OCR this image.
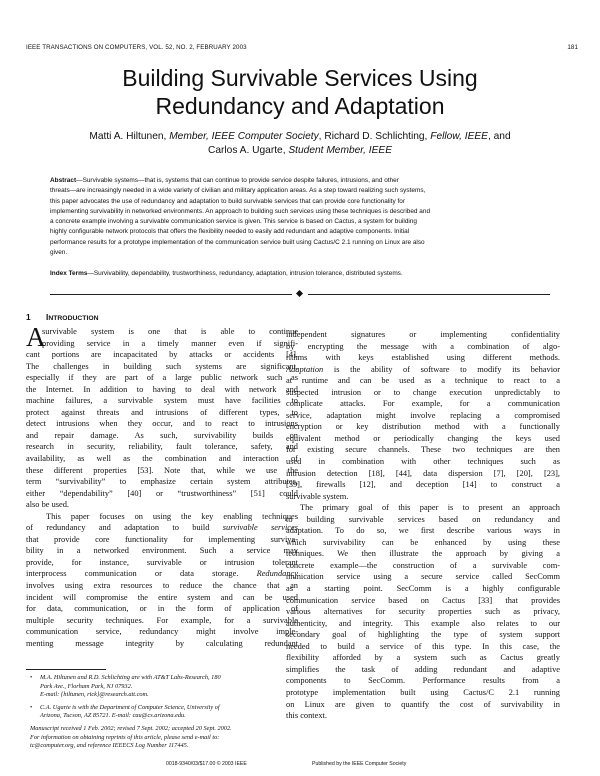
IEEE TRANSACTIONS ON COMPUTERS, VOL. 52, NO. 2, FEBRUARY 2003	181
Building Survivable Services Using
Redundancy and Adaptation
Matti A. Hiltunen, Member, IEEE Computer Society, Richard D. Schlichting, Fellow, IEEE, and
Carlos A. Ugarte, Student Member, IEEE
Abstract—Survivable systems—that is, systems that can continue to provide service despite failures, intrusions, and other
threats—are increasingly needed in a wide variety of civilian and military application areas. As a step toward realizing such systems,
this paper advocates the use of redundancy and adaptation to build survivable services that can provide core functionality for
implementing survivability in networked environments. An approach to building such services using these techniques is described and
a concrete example involving a survivable communication service is given. This service is based on Cactus, a system for building
highly configurable network protocols that offers the flexibility needed to easily add redundant and adaptive components. Initial
performance results for a prototype implementation of the communication service built using Cactus/C 2.1 running on Linux are also
given.
Index Terms—Survivability, dependability, trustworthiness, redundancy, adaptation, intrusion tolerance, distributed systems.
1 INTRODUCTION
A
survivable system is one that is able to continue
providing service in a timely manner even if signifi-
cant portions are incapacitated by attacks or accidents [4].
The challenges in building such systems are significant,
especially if they are part of a large public network such as
the Internet. In addition to having to deal with network and
machine failures, a survivable system must have facilities to
protect against threats and intrusions of different types, to
detect intrusions when they occur, and to react to intrusions
and repair damage. As such, survivability builds on
research in security, reliability, fault tolerance, safety, and
availability, as well as the combination and interaction of
these different properties [53]. Note that, while we use the
term “survivability” to emphasize certain system attributes,
either “dependability” [40] or “trustworthiness” [51] could
also be used.
This paper focuses on using the key enabling techniques
of redundancy and adaptation to build survivable services
that provide core functionality for implementing surviva-
bility in a networked environment. Such a service may
provide, for instance, survivable or intrusion tolerant
interprocess communication or data storage. Redundancy
involves using extra resources to reduce the chance that an
incident will compromise the entire system and can be used
for data, communication, or in the form of application of
multiple security techniques. For example, for a survivable
communication service, redundancy might involve imple-
menting message integrity by calculating redundant
independent signatures or implementing confidentiality
by encrypting the message with a combination of algo-
rithms with keys established using different methods.
Adaptation is the ability of software to modify its behavior
at runtime and can be used as a technique to react to a
suspected intrusion or to change execution unpredictably to
complicate attacks. For example, for a communication
service, adaptation might involve replacing a compromised
encryption or key distribution method with a functionally
equivalent method or periodically changing the keys used
for existing secure channels. These two techniques are then
used in combination with other techniques such as
intrusion detection [18], [44], data dispersion [7], [20], [23],
[39], firewalls [12], and deception [14] to construct a
survivable system.
The primary goal of this paper is to present an approach
to building survivable services based on redundancy and
adaptation. To do so, we first describe various ways in
which survivability can be enhanced by using these
techniques. We then illustrate the approach by giving a
concrete example—the construction of a survivable com-
munication service using a secure service called SecComm
as a starting point. SecComm is a highly configurable
communication service based on Cactus [33] that provides
various alternatives for security properties such as privacy,
authenticity, and integrity. This example also relates to our
secondary goal of highlighting the type of system support
needed to build a service of this type. In this case, the
flexibility afforded by a system such as Cactus greatly
simplifies the task of adding redundant and adaptive
components to SecComm. Performance results from a
prototype implementation built using Cactus/C 2.1 running
on Linux are given to quantify the cost of survivability in
this context.
• M.A. Hiltunen and R.D. Schlichting are with AT&T Labs-Research, 180
Park Ave., Florham Park, NJ 07932.
E-mail: {hiltunen, rick}@research.att.com.
• C.A. Ugarte is with the Department of Computer Science, University of
Arizona, Tucson, AZ 85721. E-mail: cau@cs.arizona.edu.
Manuscript received 1 Feb. 2002; revised 7 Sept. 2002; accepted 20 Sept. 2002.
For information on obtaining reprints of this article, please send e-mail to:
tc@computer.org, and reference IEEECS Log Number 117445.
0018-9340/03/$17.00 © 2003 IEEE	Published by the IEEE Computer Society
